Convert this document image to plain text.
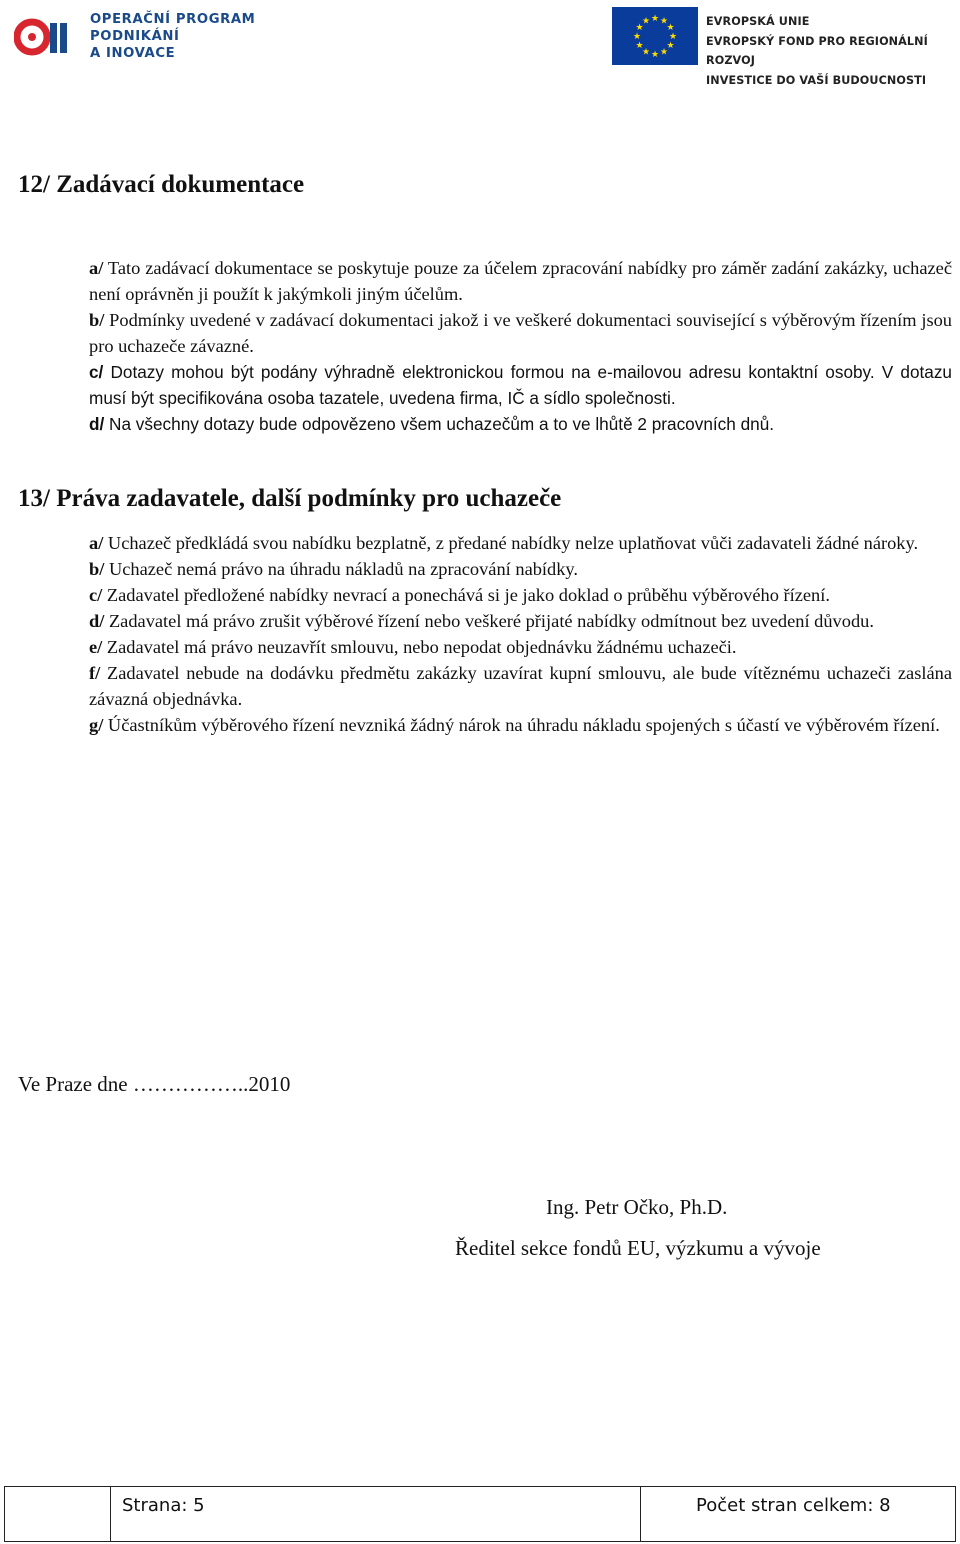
OPERAČNÍ PROGRAM
PODNIKÁNÍ
A INOVACE
★ ★
★
★
★
★
★
★
★
★
★
★	EVROPSKÁ UNIE
EVROPSKÝ FOND PRO REGIONÁLNÍ ROZVOJ
INVESTICE DO VAŠÍ BUDOUCNOSTI
12/ Zadávací dokumentace

a/ Tato zadávací dokumentace se poskytuje pouze za účelem zpracování nabídky pro záměr zadání zakázky, uchazeč není oprávněn ji použít k jakýmkoli jiným účelům.

b/ Podmínky uvedené v zadávací dokumentaci jakož i ve veškeré dokumentaci související s výběrovým řízením jsou pro uchazeče závazné.

c/ Dotazy mohou být podány výhradně elektronickou formou na e-mailovou adresu kontaktní osoby. V dotazu musí být specifikována osoba tazatele, uvedena firma, IČ a sídlo společnosti.

d/ Na všechny dotazy bude odpovězeno všem uchazečům a to ve lhůtě 2 pracovních dnů.

13/ Práva zadavatele, další podmínky pro uchazeče

a/ Uchazeč předkládá svou nabídku bezplatně, z předané nabídky nelze uplatňovat vůči zadavateli žádné nároky.

b/ Uchazeč nemá právo na úhradu nákladů na zpracování nabídky.

c/ Zadavatel předložené nabídky nevrací a ponechává si je jako doklad o průběhu výběrového řízení.

d/ Zadavatel má právo zrušit výběrové řízení nebo veškeré přijaté nabídky odmítnout bez uvedení důvodu.

e/ Zadavatel má právo neuzavřít smlouvu, nebo nepodat objednávku žádnému uchazeči.

f/ Zadavatel nebude na dodávku předmětu zakázky uzavírat kupní smlouvu, ale bude vítěznému uchazeči zaslána závazná objednávka.

g/ Účastníkům výběrového řízení nevzniká žádný nárok na úhradu nákladu spojených s účastí ve výběrovém řízení.

Ve Praze dne ……………..2010
Ing. Petr Očko, Ph.D.
Ředitel sekce fondů EU, výzkumu a vývoje
Strana: 5	Počet stran celkem: 8
